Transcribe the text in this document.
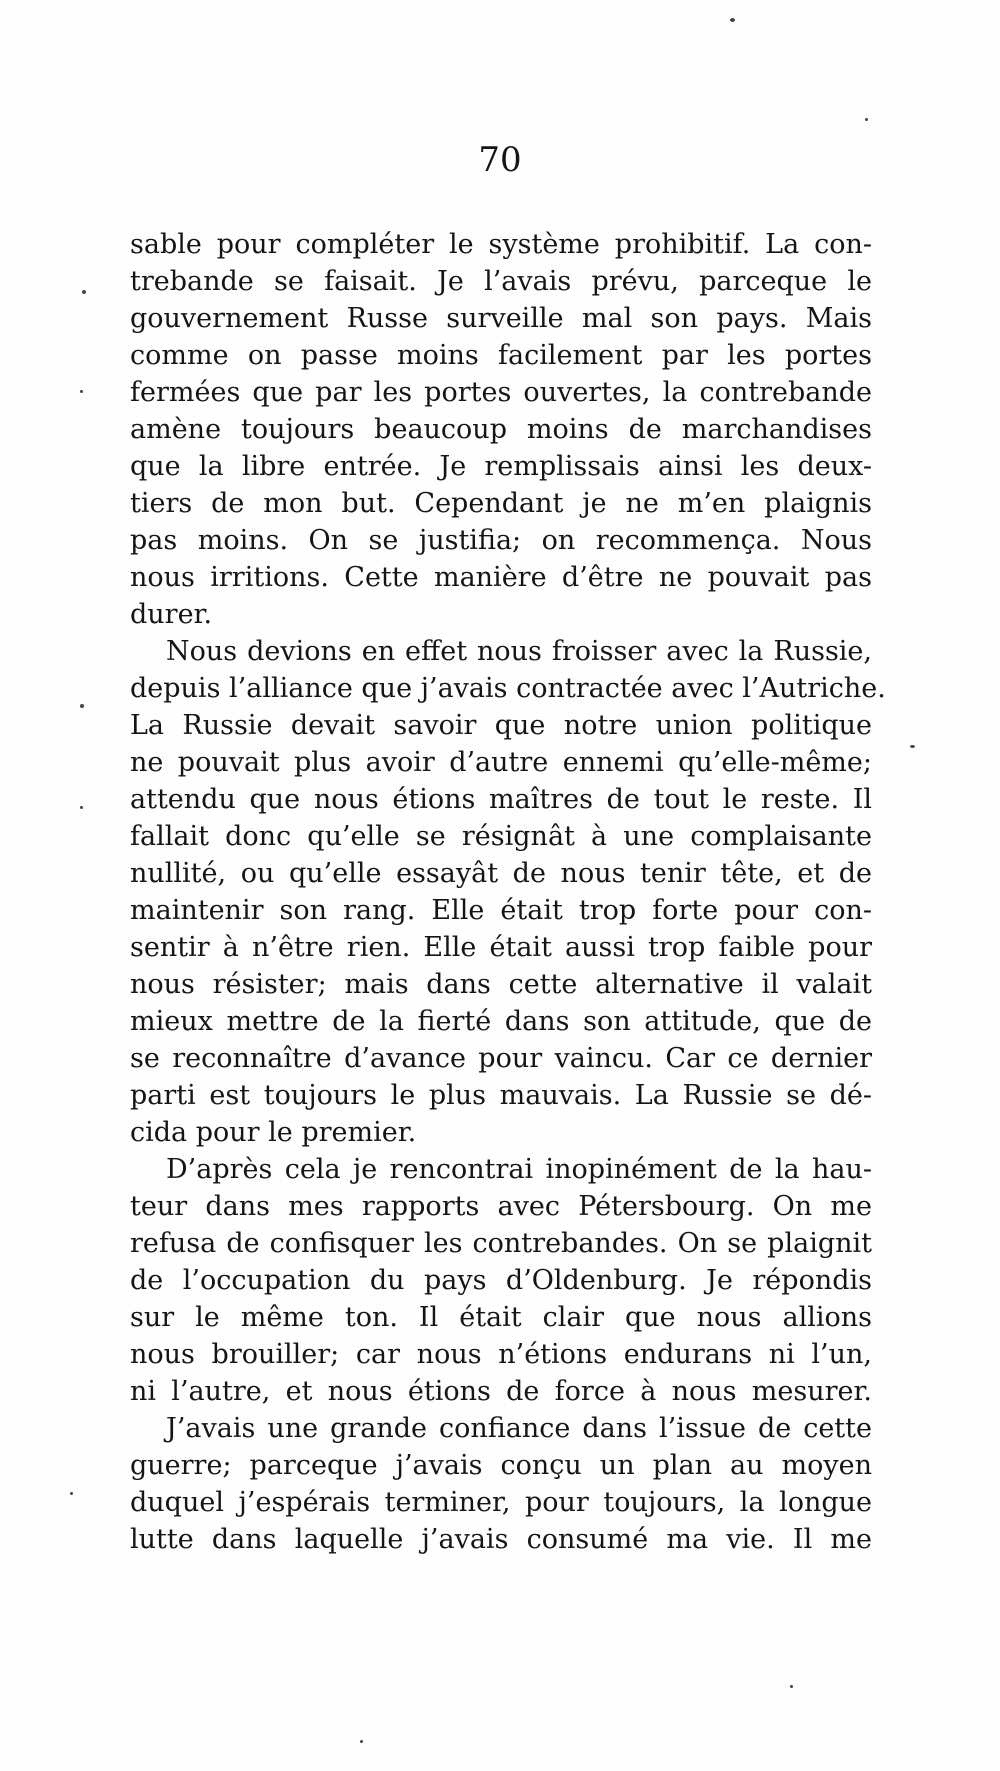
70
sable pour compléter le système prohibitif. La con-
trebande se faisait. Je l’avais prévu, parceque le
gouvernement Russe surveille mal son pays. Mais
comme on passe moins facilement par les portes
fermées que par les portes ouvertes, la contrebande
amène toujours beaucoup moins de marchandises
que la libre entrée. Je remplissais ainsi les deux-
tiers de mon but. Cependant je ne m’en plaignis
pas moins. On se justifia; on recommença. Nous
nous irritions. Cette manière d’être ne pouvait pas
durer.
Nous devions en effet nous froisser avec la Russie,
depuis l’alliance que j’avais contractée avec l’Autriche.
La Russie devait savoir que notre union politique
ne pouvait plus avoir d’autre ennemi qu’elle-même;
attendu que nous étions maîtres de tout le reste. Il
fallait donc qu’elle se résignât à une complaisante
nullité, ou qu’elle essayât de nous tenir tête, et de
maintenir son rang. Elle était trop forte pour con-
sentir à n’être rien. Elle était aussi trop faible pour
nous résister; mais dans cette alternative il valait
mieux mettre de la fierté dans son attitude, que de
se reconnaître d’avance pour vaincu. Car ce dernier
parti est toujours le plus mauvais. La Russie se dé-
cida pour le premier.
D’après cela je rencontrai inopinément de la hau-
teur dans mes rapports avec Pétersbourg. On me
refusa de confisquer les contrebandes. On se plaignit
de l’occupation du pays d’Oldenburg. Je répondis
sur le même ton. Il était clair que nous allions
nous brouiller; car nous n’étions endurans ni l’un,
ni l’autre, et nous étions de force à nous mesurer.
J’avais une grande confiance dans l’issue de cette
guerre; parceque j’avais conçu un plan au moyen
duquel j’espérais terminer, pour toujours, la longue
lutte dans laquelle j’avais consumé ma vie. Il me
